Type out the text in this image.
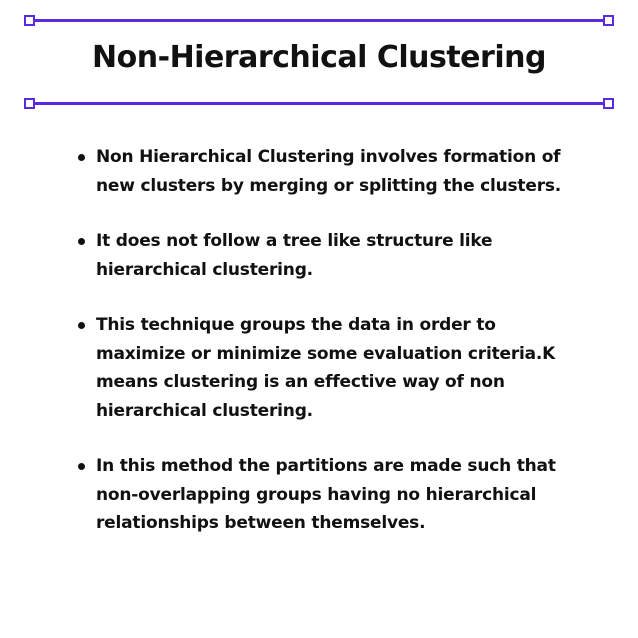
Non-Hierarchical Clustering
Non Hierarchical Clustering involves formation of new clusters by merging or splitting the clusters.
It does not follow a tree like structure like hierarchical clustering.
This technique groups the data in order to maximize or minimize some evaluation criteria.K means clustering is an effective way of non hierarchical clustering.
In this method the partitions are made such that non-overlapping groups having no hierarchical relationships between themselves.
